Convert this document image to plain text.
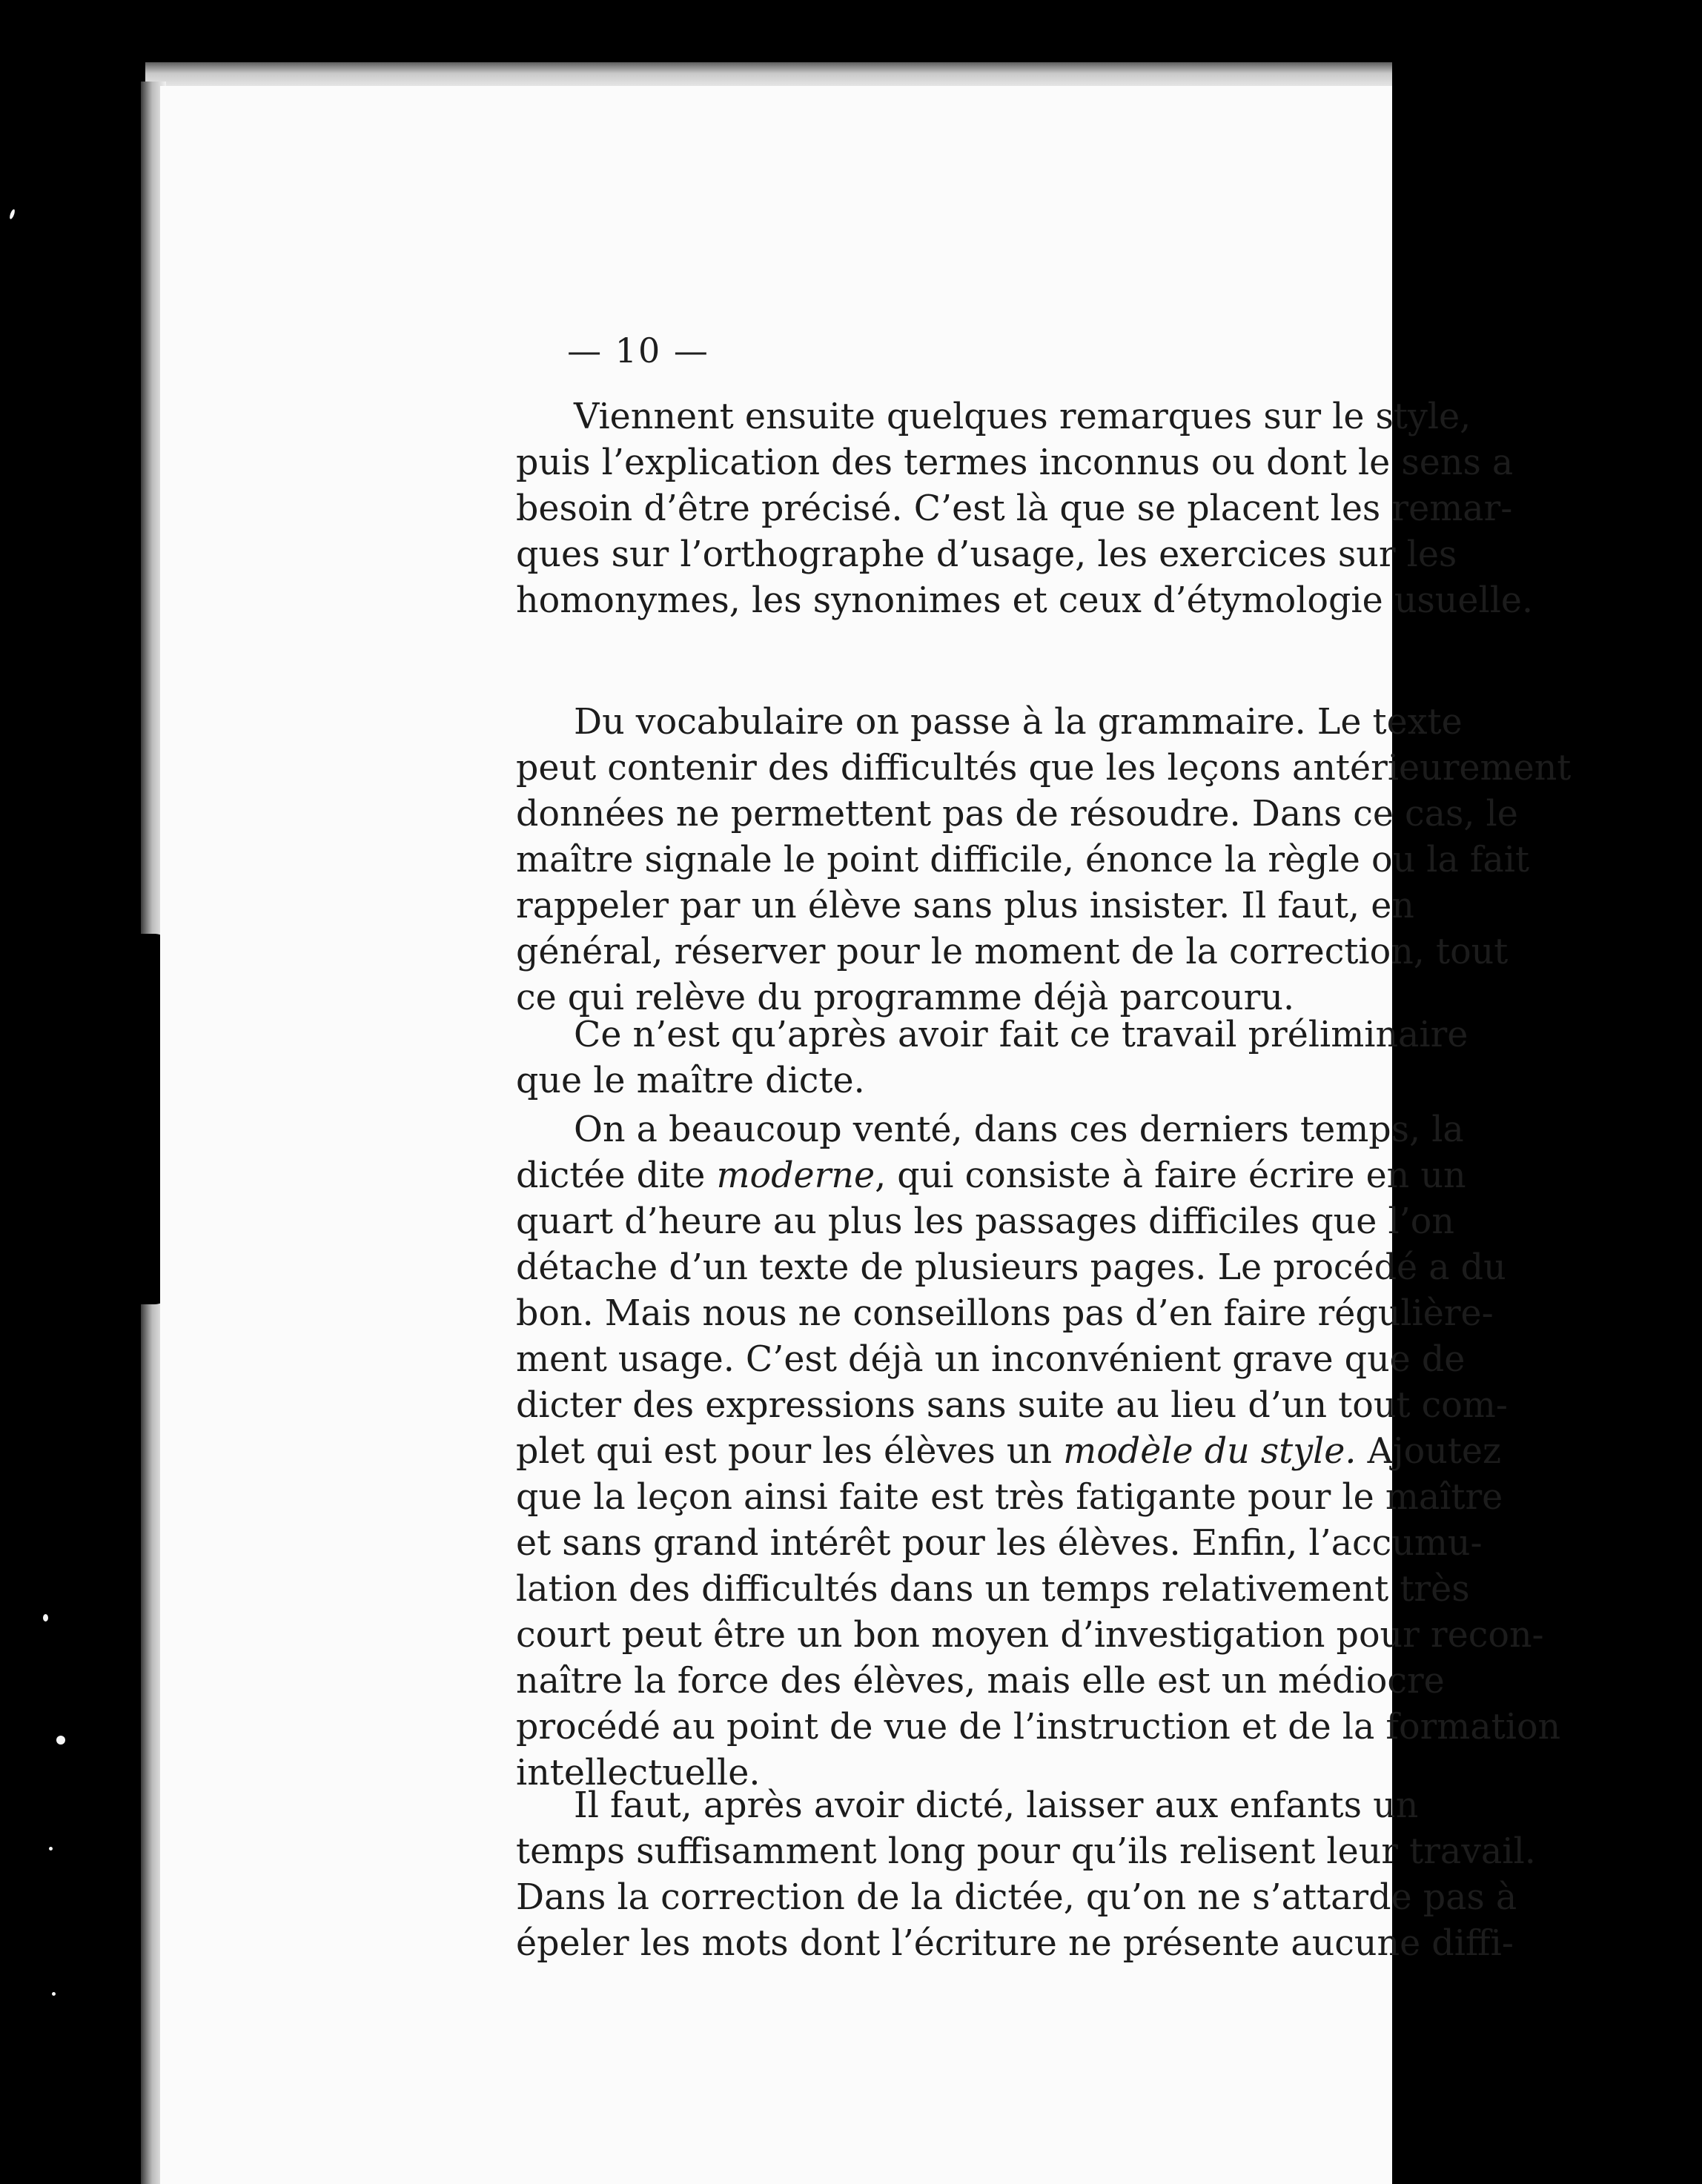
— 10 —
Viennent ensuite quelques remarques sur le style,
puis l’explication des termes inconnus ou dont le sens a
besoin d’être précisé. C’est là que se placent les remar-
ques sur l’orthographe d’usage, les exercices sur les
homonymes, les synonimes et ceux d’étymologie usuelle.
Du vocabulaire on passe à la grammaire. Le texte
peut contenir des difficultés que les leçons antérieurement
données ne permettent pas de résoudre. Dans ce cas, le
maître signale le point difficile, énonce la règle ou la fait
rappeler par un élève sans plus insister. Il faut, en
général, réserver pour le moment de la correction, tout
ce qui relève du programme déjà parcouru.
Ce n’est qu’après avoir fait ce travail préliminaire
que le maître dicte.
On a beaucoup venté, dans ces derniers temps, la
dictée dite moderne, qui consiste à faire écrire en un
quart d’heure au plus les passages difficiles que l’on
détache d’un texte de plusieurs pages. Le procédé a du
bon. Mais nous ne conseillons pas d’en faire régulière-
ment usage. C’est déjà un inconvénient grave que de
dicter des expressions sans suite au lieu d’un tout com-
plet qui est pour les élèves un modèle du style. Ajoutez
que la leçon ainsi faite est très fatigante pour le maître
et sans grand intérêt pour les élèves. Enfin, l’accumu-
lation des difficultés dans un temps relativement très
court peut être un bon moyen d’investigation pour recon-
naître la force des élèves, mais elle est un médiocre
procédé au point de vue de l’instruction et de la formation
intellectuelle.
Il faut, après avoir dicté, laisser aux enfants un
temps suffisamment long pour qu’ils relisent leur travail.
Dans la correction de la dictée, qu’on ne s’attarde pas à
épeler les mots dont l’écriture ne présente aucune diffi-
